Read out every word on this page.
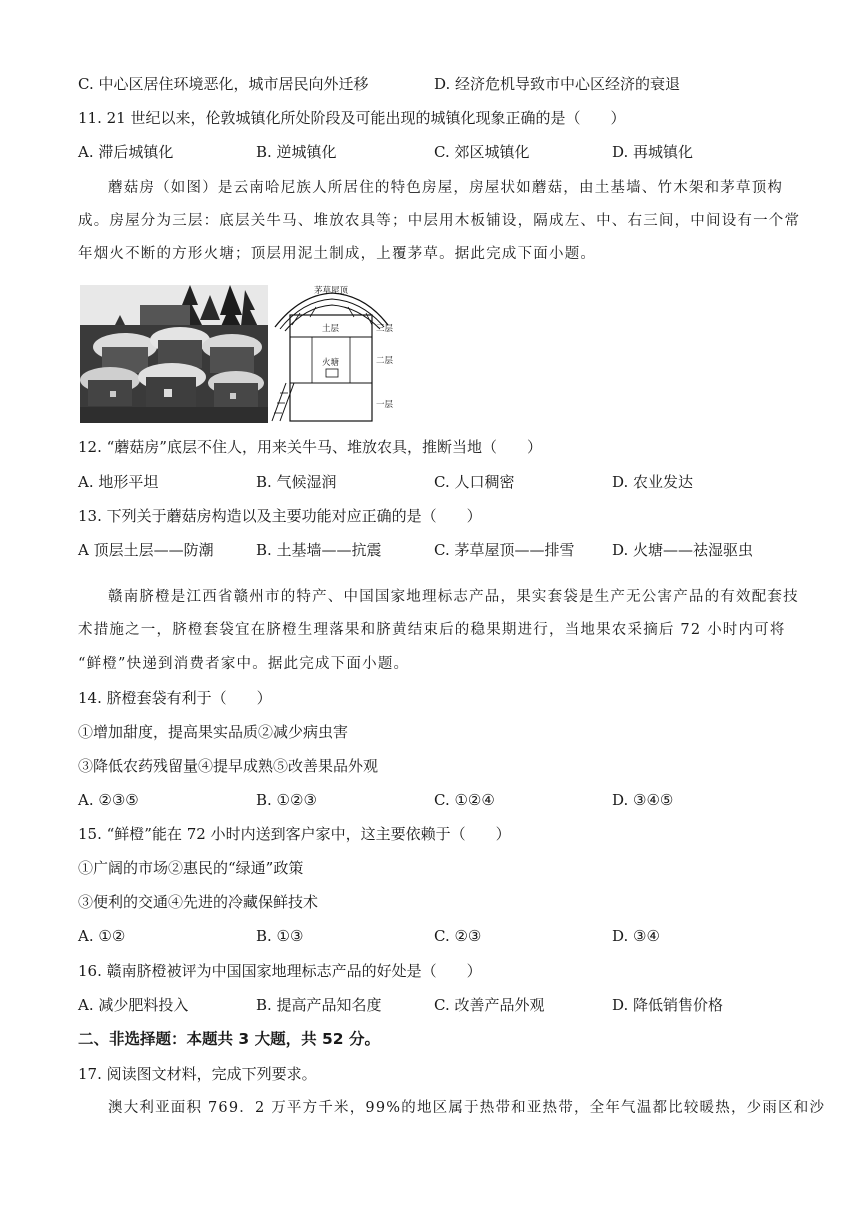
C. 中心区居住环境恶化，城市居民向外迁移	D. 经济危机导致市中心区经济的衰退
11. 21 世纪以来，伦敦城镇化所处阶段及可能出现的城镇化现象正确的是（　　）
A. 滞后城镇化	B. 逆城镇化	C. 郊区城镇化	D. 再城镇化
蘑菇房（如图）是云南哈尼族人所居住的特色房屋，房屋状如蘑菇，由土基墙、竹木架和茅草顶构
成。房屋分为三层：底层关牛马、堆放农具等；中层用木板铺设，隔成左、中、右三间，中间设有一个常
年烟火不断的方形火塘；顶层用泥土制成，上覆茅草。据此完成下面小题。
茅草屋顶
土层
火塘
三层
二层
一层
12. “蘑菇房”底层不住人，用来关牛马、堆放农具，推断当地（　　）
A. 地形平坦	B. 气候湿润	C. 人口稠密	D. 农业发达
13. 下列关于蘑菇房构造以及主要功能对应正确的是（　　）
A 顶层土层——防潮	B. 土基墙——抗震	C. 茅草屋顶——排雪	D. 火塘——祛湿驱虫
赣南脐橙是江西省赣州市的特产、中国国家地理标志产品，果实套袋是生产无公害产品的有效配套技
术措施之一，脐橙套袋宜在脐橙生理落果和脐黄结束后的稳果期进行，当地果农采摘后 72 小时内可将
“鲜橙”快递到消费者家中。据此完成下面小题。
14. 脐橙套袋有利于（　　）
①增加甜度，提高果实品质②减少病虫害
③降低农药残留量④提早成熟⑤改善果品外观
A. ②③⑤	B. ①②③	C. ①②④	D. ③④⑤
15. “鲜橙”能在 72 小时内送到客户家中，这主要依赖于（　　）
①广阔的市场②惠民的“绿通”政策
③便利的交通④先进的冷藏保鲜技术
A. ①②	B. ①③	C. ②③	D. ③④
16. 赣南脐橙被评为中国国家地理标志产品的好处是（　　）
A. 减少肥料投入	B. 提高产品知名度	C. 改善产品外观	D. 降低销售价格
二、非选择题：本题共 3 大题，共 52 分。
17. 阅读图文材料，完成下列要求。
澳大利亚面积 769．2 万平方千米，99%的地区属于热带和亚热带，全年气温都比较暖热，少雨区和沙
